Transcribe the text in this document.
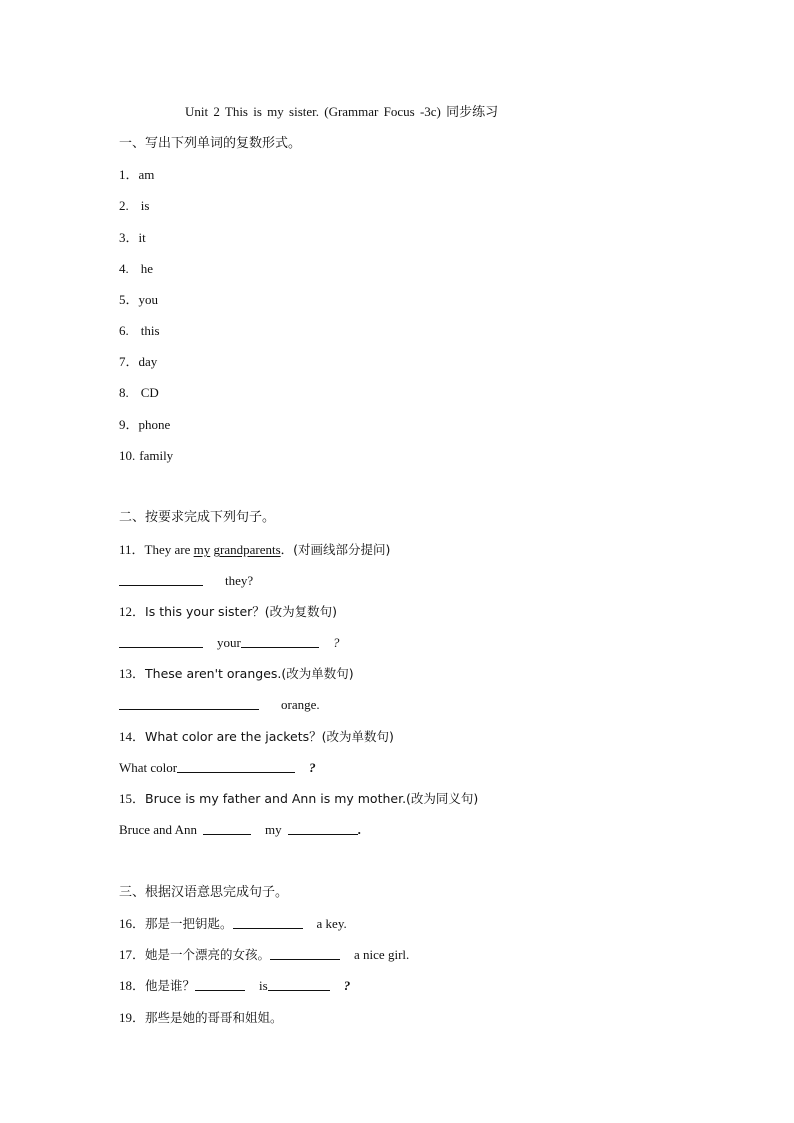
Unit 2 This is my sister. (Grammar Focus -3c) 同步练习
一、写出下列单词的复数形式。
1．am
2. is
3．it
4. he
5．you
6. this
7．day
8. CD
9．phone
10. family
二、按要求完成下列句子。
11．They are my grandparents．(对画线部分提问)
they?
12．Is this your sister？(改为复数句)
your	?
13．These aren't oranges.(改为单数句)
orange.
14．What color are the jackets？(改为单数句)
What color	?
15．Bruce is my father and Ann is my mother.(改为同义句)
Bruce and Ann	my	.
三、根据汉语意思完成句子。
16．那是一把钥匙。	a key.
17．她是一个漂亮的女孩。	a nice girl.
18．他是谁？	is	?
19．那些是她的哥哥和姐姐。
